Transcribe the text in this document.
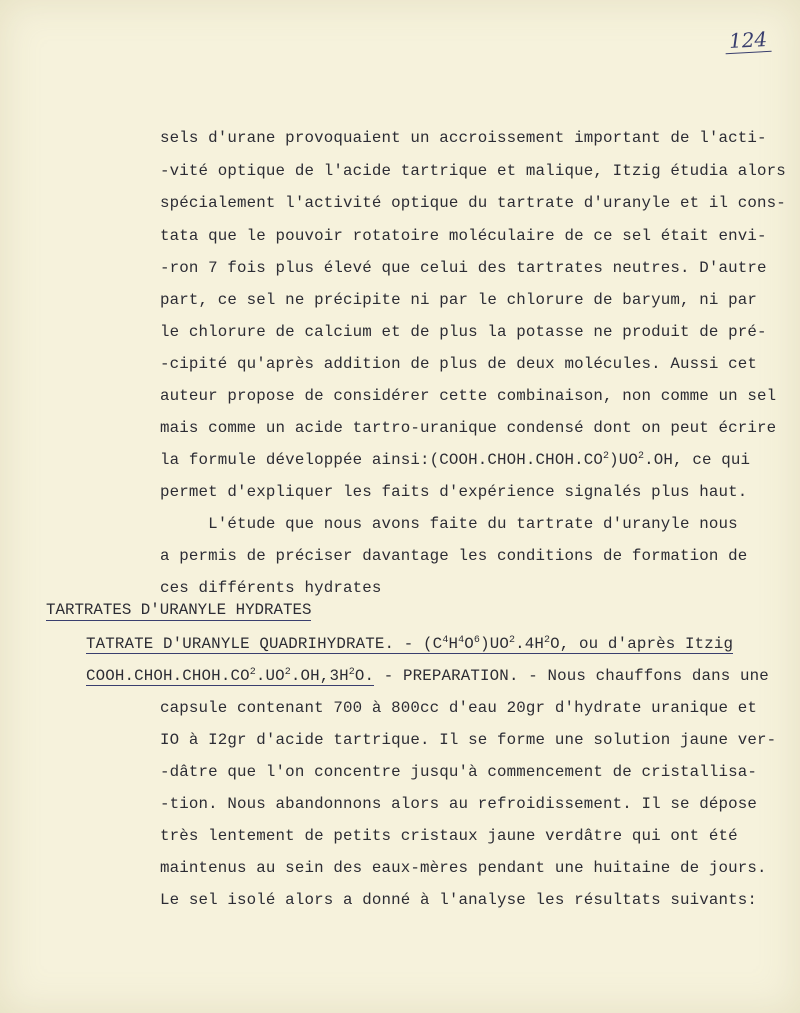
124
sels d'urane provoquaient un accroissement important de l'acti-
-vité optique de l'acide tartrique et malique, Itzig étudia alors
spécialement l'activité optique du tartrate d'uranyle et il cons-
tata que le pouvoir rotatoire moléculaire de ce sel était envi-
-ron 7 fois plus élevé que celui des tartrates neutres. D'autre
part, ce sel ne précipite ni par le chlorure de baryum, ni par
le chlorure de calcium et de plus la potasse ne produit de pré-
-cipité qu'après addition de plus de deux molécules. Aussi cet
auteur propose de considérer cette combinaison, non comme un sel
mais comme un acide tartro-uranique condensé dont on peut écrire
la formule développée $ainsi:(COOH.CHOH.CHOH.CO^2)UO^2.OH$, ce qui
permet d'expliquer les faits d'expérience signalés plus haut.
L'étude que nous avons faite du tartrate d'uranyle nous
a permis de préciser davantage les conditions de formation de
ces différents hydrates
TARTRATES D'URANYLE HYDRATES
TATRATE D'URANYLE QUADRIHYDRATE. - $(C^4H^4O^6)UO^2.4H^2O$, ou d'après Itzig
$COOH.CHOH.CHOH.CO^2.UO^2.OH,3H^2O$. - PREPARATION. - Nous chauffons dans une
capsule contenant 700 à 800cc d'eau 20gr d'hydrate uranique et
IO à I2gr d'acide tartrique. Il se forme une solution jaune ver-
-dâtre que l'on concentre jusqu'à commencement de cristallisa-
-tion. Nous abandonnons alors au refroidissement. Il se dépose
très lentement de petits cristaux jaune verdâtre qui ont été
maintenus au sein des eaux-mères pendant une huitaine de jours.
Le sel isolé alors a donné à l'analyse les résultats suivants:
